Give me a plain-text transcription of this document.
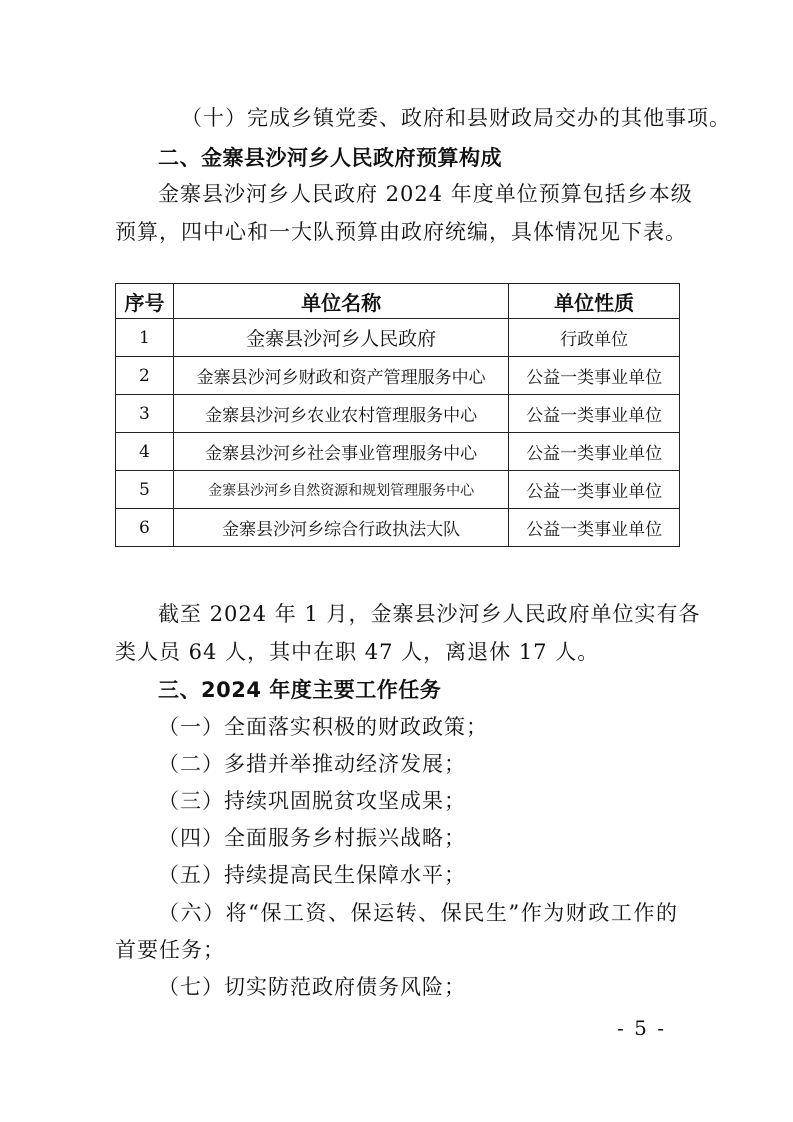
（十）完成乡镇党委、政府和县财政局交办的其他事项。
二、金寨县沙河乡人民政府预算构成
金寨县沙河乡人民政府 2024 年度单位预算包括乡本级
预算，四中心和一大队预算由政府统编，具体情况见下表。
序号	单位名称	单位性质
1	金寨县沙河乡人民政府	行政单位
2	金寨县沙河乡财政和资产管理服务中心	公益一类事业单位
3	金寨县沙河乡农业农村管理服务中心	公益一类事业单位
4	金寨县沙河乡社会事业管理服务中心	公益一类事业单位
5	金寨县沙河乡自然资源和规划管理服务中心	公益一类事业单位
6	金寨县沙河乡综合行政执法大队	公益一类事业单位
截至 2024 年 1 月，金寨县沙河乡人民政府单位实有各
类人员 64 人，其中在职 47 人，离退休 17 人。
三、2024 年度主要工作任务
（一）全面落实积极的财政政策；
（二）多措并举推动经济发展；
（三）持续巩固脱贫攻坚成果；
（四）全面服务乡村振兴战略；
（五）持续提高民生保障水平；
（六）将“保工资、保运转、保民生”作为财政工作的
首要任务；
（七）切实防范政府债务风险；
- 5 -
